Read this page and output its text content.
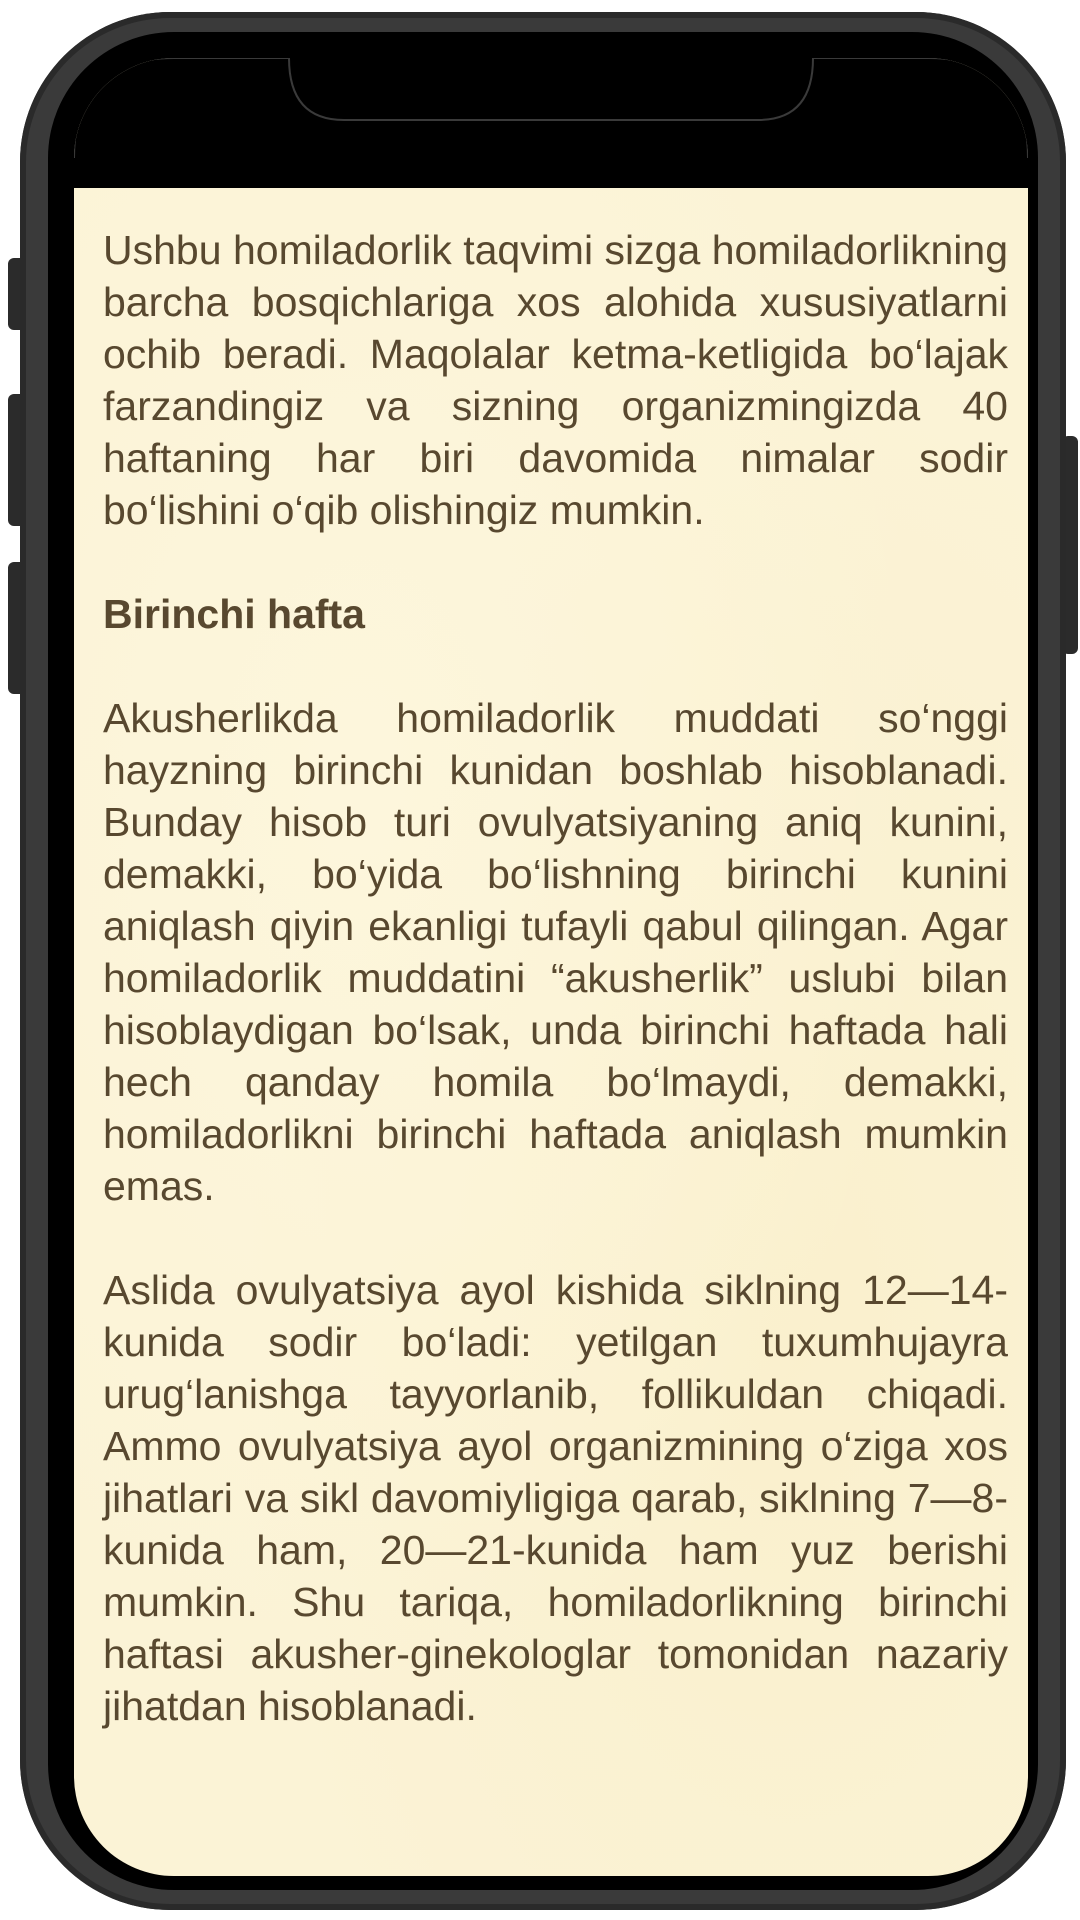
Ushbu homiladorlik taqvimi sizga homiladorlikning barcha bosqichlariga xos alohida xususiyatlarni ochib beradi. Maqolalar ketma-ketligida bo‘lajak farzandingiz va sizning organizmingizda 40 haftaning har biri davomida nimalar sodir bo‘lishini o‘qib olishingiz mumkin.

Birinchi hafta

Akusherlikda homiladorlik muddati so‘nggi hayzning birinchi kunidan boshlab hisoblanadi. Bunday hisob turi ovulyatsiyaning aniq kunini, demakki, bo‘yida bo‘lishning birinchi kunini aniqlash qiyin ekanligi tufayli qabul qilingan. Agar homiladorlik muddatini “akusherlik” uslubi bilan hisoblaydigan bo‘lsak, unda birinchi haftada hali hech qanday homila bo‘lmaydi, demakki, homiladorlikni birinchi haftada aniqlash mumkin emas.

Aslida ovulyatsiya ayol kishida siklning 12—14-kunida sodir bo‘ladi: yetilgan tuxumhujayra urug‘lanishga tayyorlanib, follikuldan chiqadi. Ammo ovulyatsiya ayol organizmining o‘ziga xos jihatlari va sikl davomiyligiga qarab, siklning 7—8-kunida ham, 20—21-kunida ham yuz berishi mumkin. Shu tariqa, homiladorlikning birinchi haftasi akusher-ginekologlar tomonidan nazariy jihatdan hisoblanadi.
